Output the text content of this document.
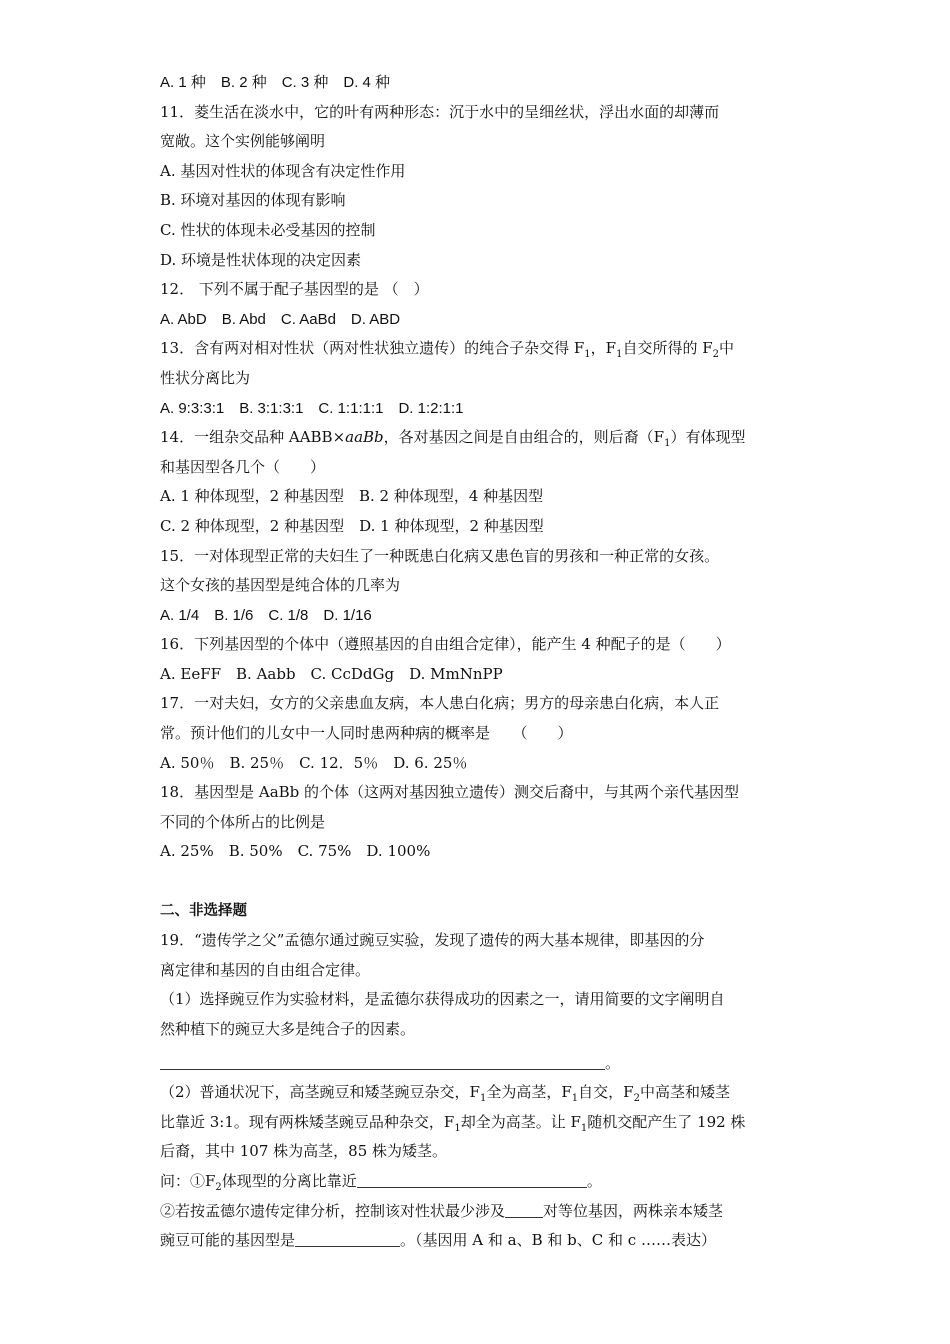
A. 1 种　B. 2 种　C. 3 种　D. 4 种
11．菱生活在淡水中，它的叶有两种形态：沉于水中的呈细丝状，浮出水面的却薄而
宽敞。这个实例能够阐明
A. 基因对性状的体现含有决定性作用
B. 环境对基因的体现有影响
C. 性状的体现未必受基因的控制
D. 环境是性状体现的决定因素
12． 下列不属于配子基因型的是 （　）
A. AbD　B. Abd　C. AaBd　D. ABD
13．含有两对相对性状（两对性状独立遗传）的纯合子杂交得 $F_1$，$F_1$自交所得的 $F_2$中
性状分离比为
A. 9:3:3:1　B. 3:1:3:1　C. 1:1:1:1　D. 1:2:1:1
14．一组杂交品种 AABB×aaBb，各对基因之间是自由组合的，则后裔$(F_1)$有体现型
和基因型各几个（　　）
A. 1 种体现型，2 种基因型　B. 2 种体现型，4 种基因型
C. 2 种体现型，2 种基因型　D. 1 种体现型，2 种基因型
15．一对体现型正常的夫妇生了一种既患白化病又患色盲的男孩和一种正常的女孩。
这个女孩的基因型是纯合体的几率为
A. 1/4　B. 1/6　C. 1/8　D. 1/16
16．下列基因型的个体中（遵照基因的自由组合定律），能产生 4 种配子的是（　　）
A. EeFF　B. Aabb　C. CcDdGg　D. MmNnPP
17．一对夫妇，女方的父亲患血友病，本人患白化病；男方的母亲患白化病，本人正
常。预计他们的儿女中一人同时患两种病的概率是　　（　　）
A. 50％　B. 25％　C. 12．5％　D. 6. 25％
18．基因型是 AaBb 的个体（这两对基因独立遗传）测交后裔中，与其两个亲代基因型
不同的个体所占的比例是
A. 25%　B. 50%　C. 75%　D. 100%
二、非选择题
19．“遗传学之父”孟德尔通过豌豆实验，发现了遗传的两大基本规律，即基因的分
离定律和基因的自由组合定律。
（1）选择豌豆作为实验材料，是孟德尔获得成功的因素之一，请用简要的文字阐明自
然种植下的豌豆大多是纯合子的因素。
。
（2）普通状况下，高茎豌豆和矮茎豌豆杂交，$F_1$全为高茎，$F_1$自交，$F_2$中高茎和矮茎
比靠近 3:1。现有两株矮茎豌豆品种杂交，$F_1$却全为高茎。让 $F_1$随机交配产生了 192 株
后裔，其中 107 株为高茎，85 株为矮茎。
问：$①F_2$体现型的分离比靠近	。
②若按孟德尔遗传定律分析，控制该对性状最少涉及	对等位基因，两株亲本矮茎
豌豆可能的基因型是	。（基因用 A 和 a、B 和 b、C 和 c ……表达）
